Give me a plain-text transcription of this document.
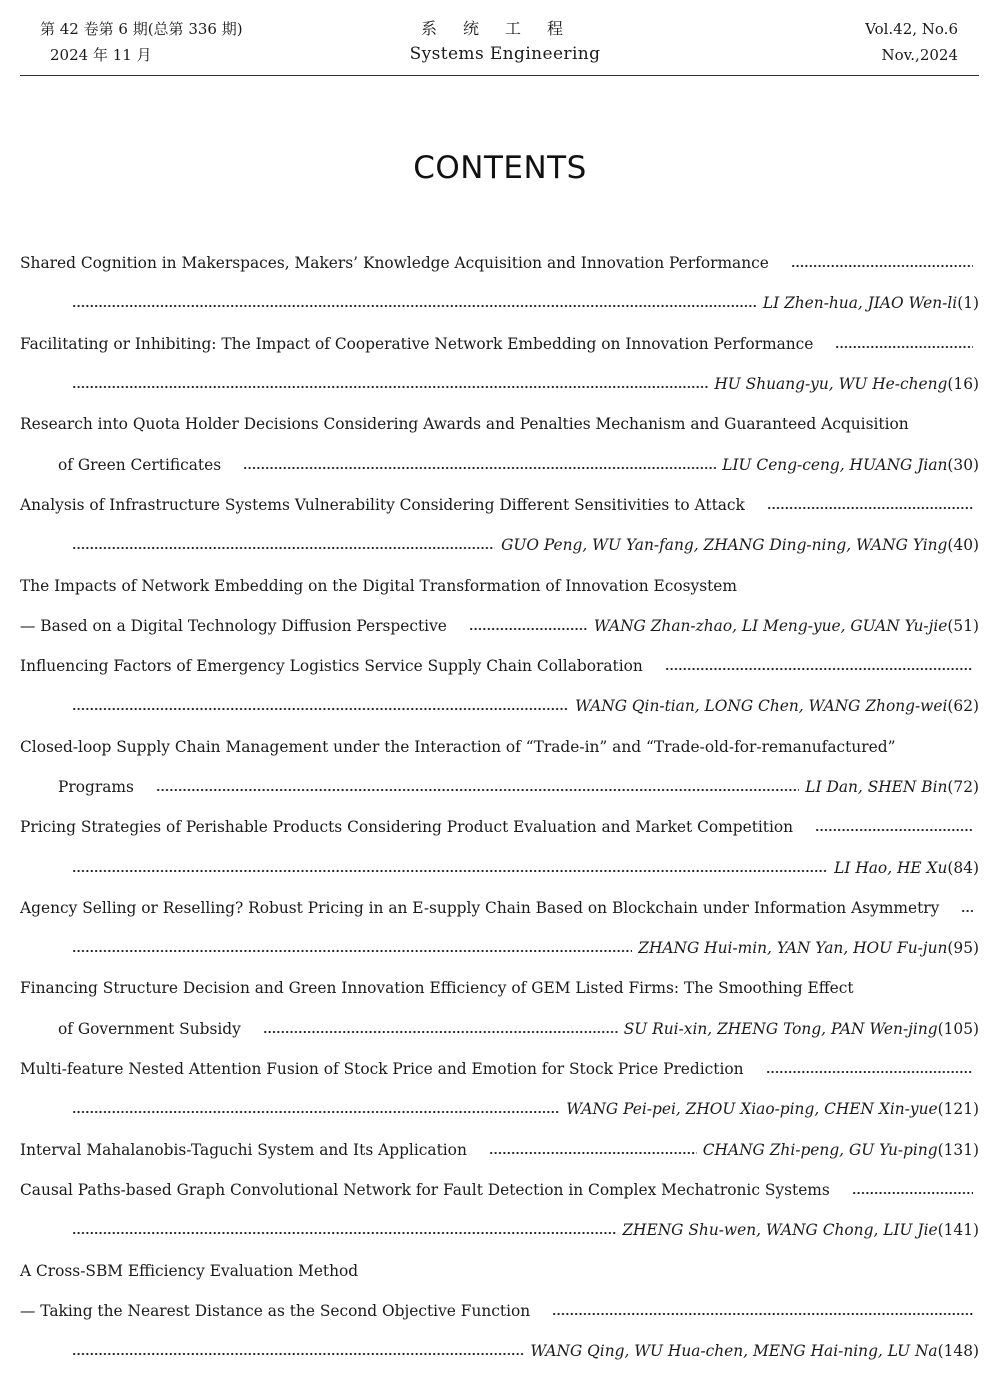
第 42 卷第 6 期(总第 336 期)
2024 年 11 月
系统工程
Systems Engineering
Vol.42, No.6
Nov.,2024
CONTENTS
Shared Cognition in Makerspaces, Makers’ Knowledge Acquisition and Innovation Performance
LI Zhen-hua, JIAO Wen-li (1)
Facilitating or Inhibiting: The Impact of Cooperative Network Embedding on Innovation Performance
HU Shuang-yu, WU He-cheng (16)
Research into Quota Holder Decisions Considering Awards and Penalties Mechanism and Guaranteed Acquisition
of Green Certificates	LIU Ceng-ceng, HUANG Jian (30)
Analysis of Infrastructure Systems Vulnerability Considering Different Sensitivities to Attack
GUO Peng, WU Yan-fang, ZHANG Ding-ning, WANG Ying (40)
The Impacts of Network Embedding on the Digital Transformation of Innovation Ecosystem
— Based on a Digital Technology Diffusion Perspective	WANG Zhan-zhao, LI Meng-yue, GUAN Yu-jie (51)
Influencing Factors of Emergency Logistics Service Supply Chain Collaboration
WANG Qin-tian, LONG Chen, WANG Zhong-wei (62)
Closed-loop Supply Chain Management under the Interaction of “Trade-in” and “Trade-old-for-remanufactured”
Programs	LI Dan, SHEN Bin (72)
Pricing Strategies of Perishable Products Considering Product Evaluation and Market Competition
LI Hao, HE Xu (84)
Agency Selling or Reselling? Robust Pricing in an E-supply Chain Based on Blockchain under Information Asymmetry
ZHANG Hui-min, YAN Yan, HOU Fu-jun (95)
Financing Structure Decision and Green Innovation Efficiency of GEM Listed Firms: The Smoothing Effect
of Government Subsidy	SU Rui-xin, ZHENG Tong, PAN Wen-jing (105)
Multi-feature Nested Attention Fusion of Stock Price and Emotion for Stock Price Prediction
WANG Pei-pei, ZHOU Xiao-ping, CHEN Xin-yue (121)
Interval Mahalanobis-Taguchi System and Its Application	CHANG Zhi-peng, GU Yu-ping (131)
Causal Paths-based Graph Convolutional Network for Fault Detection in Complex Mechatronic Systems
ZHENG Shu-wen, WANG Chong, LIU Jie (141)
A Cross-SBM Efficiency Evaluation Method
— Taking the Nearest Distance as the Second Objective Function
WANG Qing, WU Hua-chen, MENG Hai-ning, LU Na (148)
